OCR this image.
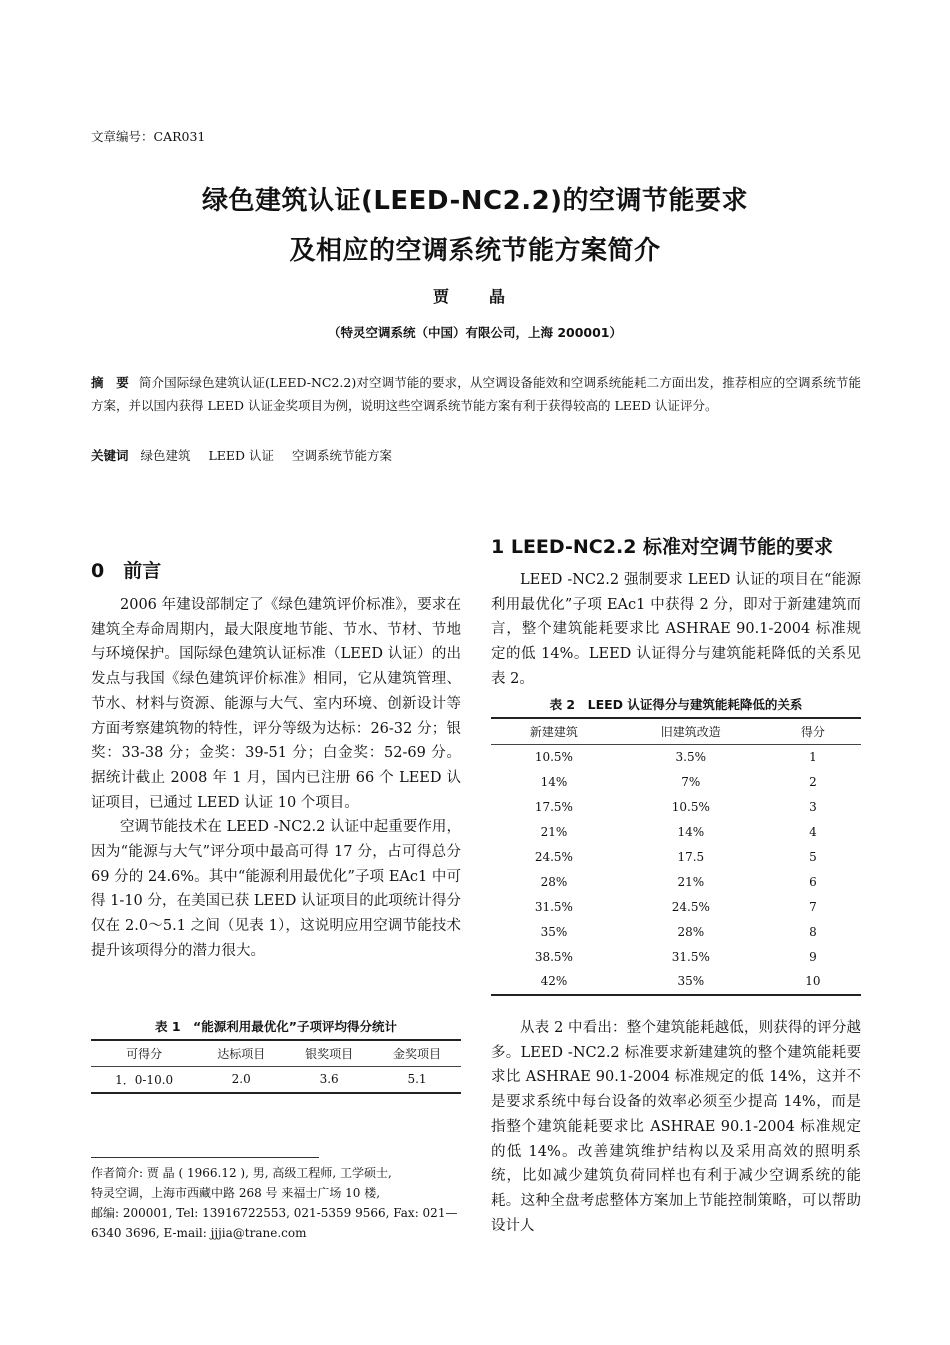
文章编号：CAR031
绿色建筑认证(LEED-NC2.2)的空调节能要求
及相应的空调系统节能方案简介
贾　晶
（特灵空调系统（中国）有限公司，上海 200001）
摘　要 简介国际绿色建筑认证(LEED-NC2.2)对空调节能的要求，从空调设备能效和空调系统能耗二方面出发，推荐相应的空调系统节能方案，并以国内获得 LEED 认证金奖项目为例，说明这些空调系统节能方案有利于获得较高的 LEED 认证评分。
关键词 绿色建筑 LEED 认证 空调系统节能方案
0　前言

2006 年建设部制定了《绿色建筑评价标准》，要求在建筑全寿命周期内，最大限度地节能、节水、节材、节地与环境保护。国际绿色建筑认证标准（LEED 认证）的出发点与我国《绿色建筑评价标准》相同，它从建筑管理、节水、材料与资源、能源与大气、室内环境、创新设计等方面考察建筑物的特性，评分等级为达标：26-32 分；银奖：33-38 分；金奖：39-51 分；白金奖：52-69 分。据统计截止 2008 年 1 月，国内已注册 66 个 LEED 认证项目，已通过 LEED 认证 10 个项目。

空调节能技术在 LEED -NC2.2 认证中起重要作用，因为“能源与大气”评分项中最高可得 17 分，占可得总分 69 分的 24.6%。其中“能源利用最优化”子项 EAc1 中可得 1-10 分，在美国已获 LEED 认证项目的此项统计得分仅在 2.0～5.1 之间（见表 1），这说明应用空调节能技术提升该项得分的潜力很大。

表 1　“能源利用最优化”子项评均得分统计
可得分	达标项目	银奖项目	金奖项目
1．0-10.0	2.0	3.6	5.1
作者简介: 贾 晶 ( 1966.12 ), 男, 高级工程师, 工学硕士,
特灵空调，上海市西藏中路 268 号 来福士广场 10 楼,
邮编: 200001, Tel: 13916722553, 021-5359 9566, Fax: 021—
6340 3696, E-mail: jjjia@trane.com
1 LEED-NC2.2 标准对空调节能的要求

LEED -NC2.2 强制要求 LEED 认证的项目在“能源利用最优化”子项 EAc1 中获得 2 分，即对于新建建筑而言，整个建筑能耗要求比 ASHRAE 90.1-2004 标准规定的低 14%。LEED 认证得分与建筑能耗降低的关系见表 2。

表 2　LEED 认证得分与建筑能耗降低的关系
新建建筑	旧建筑改造	得分
10.5%	3.5%	1
14%	7%	2
17.5%	10.5%	3
21%	14%	4
24.5%	17.5	5
28%	21%	6
31.5%	24.5%	7
35%	28%	8
38.5%	31.5%	9
42%	35%	10

从表 2 中看出：整个建筑能耗越低，则获得的评分越多。LEED -NC2.2 标准要求新建建筑的整个建筑能耗要求比 ASHRAE 90.1-2004 标准规定的低 14%，这并不是要求系统中每台设备的效率必须至少提高 14%，而是指整个建筑能耗要求比 ASHRAE 90.1-2004 标准规定的低 14%。改善建筑维护结构以及采用高效的照明系统，比如减少建筑负荷同样也有利于减少空调系统的能耗。这种全盘考虑整体方案加上节能控制策略，可以帮助设计人
